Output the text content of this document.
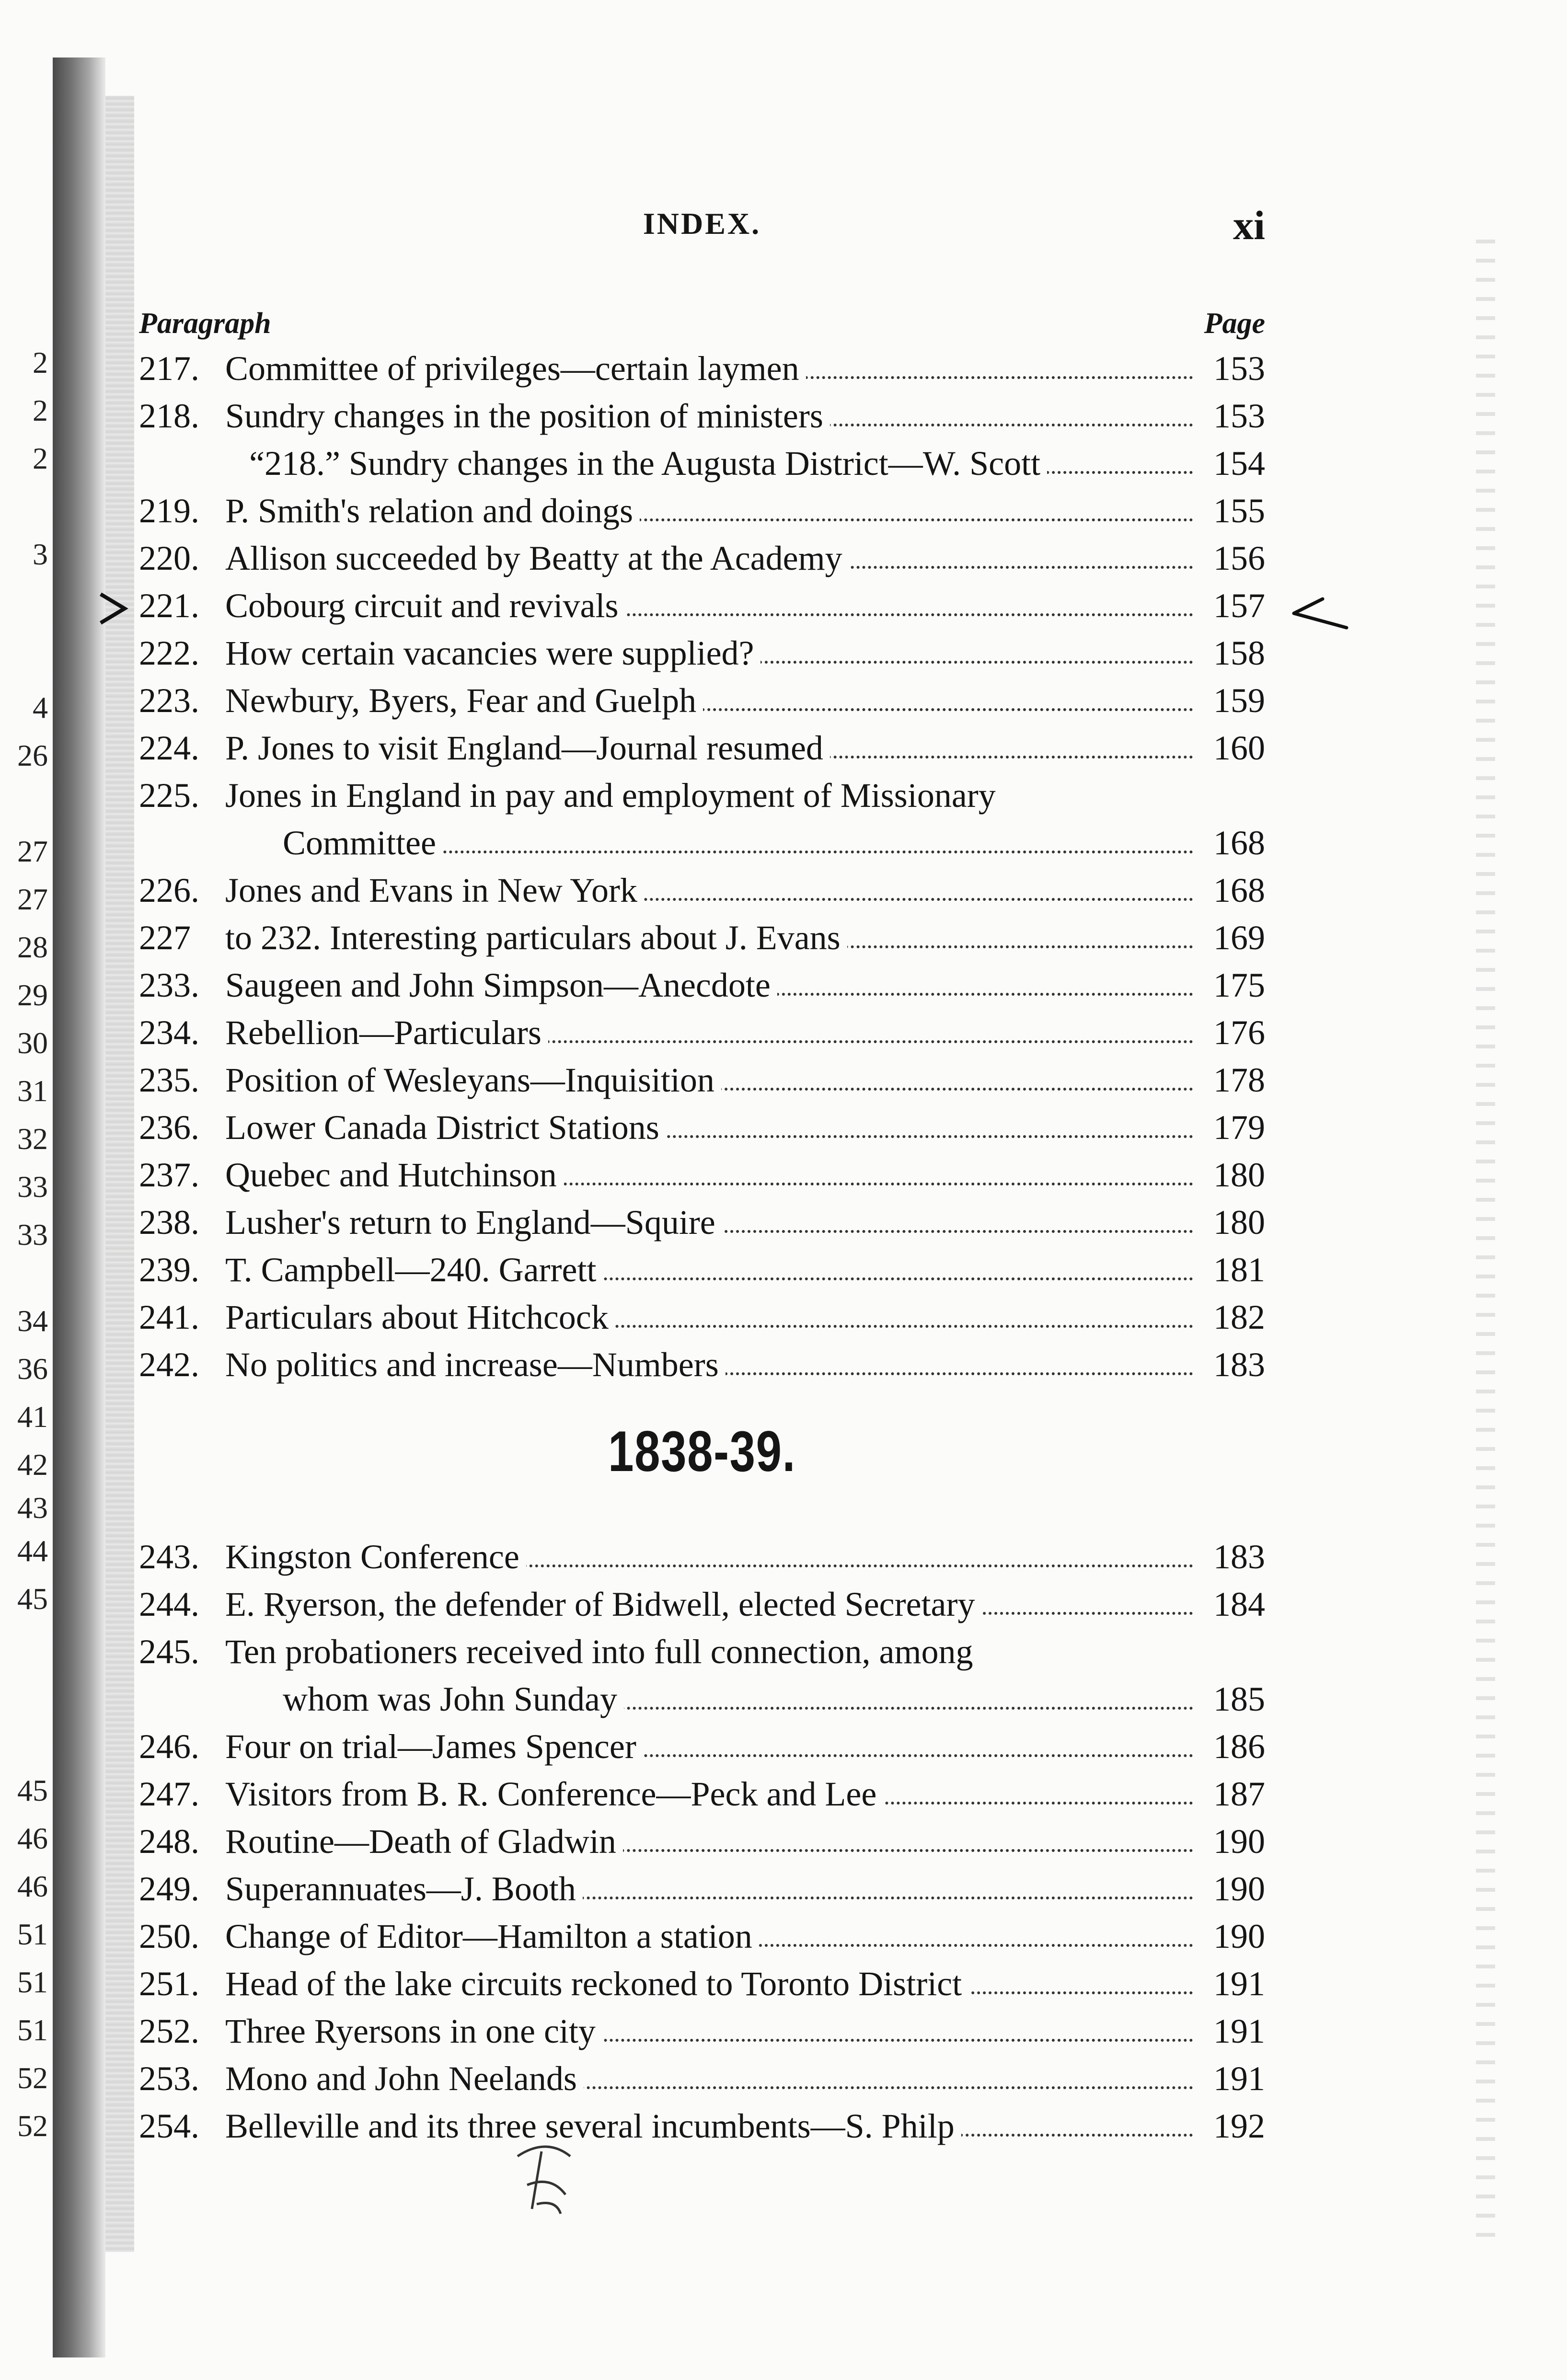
2
2
2
3
4
26
27
27
28
29
30
31
32
33
33
34
36
41
42
43
44
45
45
46
46
51
51
51
52
52
INDEX.	xi
Paragraph	Page
217. Committee of privileges—certain laymen	153
218. Sundry changes in the position of ministers	153
“218.” Sundry changes in the Augusta District—W. Scott	154
219. P. Smith's relation and doings	155
220. Allison succeeded by Beatty at the Academy	156
221. Cobourg circuit and revivals	157
222. How certain vacancies were supplied?	158
223. Newbury, Byers, Fear and Guelph	159
224. P. Jones to visit England—Journal resumed	160
225. Jones in England in pay and employment of Missionary
Committee	168
226. Jones and Evans in New York	168
227 to 232. Interesting particulars about J. Evans	169
233. Saugeen and John Simpson—Anecdote	175
234. Rebellion—Particulars	176
235. Position of Wesleyans—Inquisition	178
236. Lower Canada District Stations	179
237. Quebec and Hutchinson	180
238. Lusher's return to England—Squire	180
239. T. Campbell—240. Garrett	181
241. Particulars about Hitchcock	182
242. No politics and increase—Numbers	183
1838-39.
243. Kingston Conference	183
244. E. Ryerson, the defender of Bidwell, elected Secretary	184
245. Ten probationers received into full connection, among
whom was John Sunday	185
246. Four on trial—James Spencer	186
247. Visitors from B. R. Conference—Peck and Lee	187
248. Routine—Death of Gladwin	190
249. Superannuates—J. Booth	190
250. Change of Editor—Hamilton a station	190
251. Head of the lake circuits reckoned to Toronto District	191
252. Three Ryersons in one city	191
253. Mono and John Neelands	191
254. Belleville and its three several incumbents—S. Philp	192
